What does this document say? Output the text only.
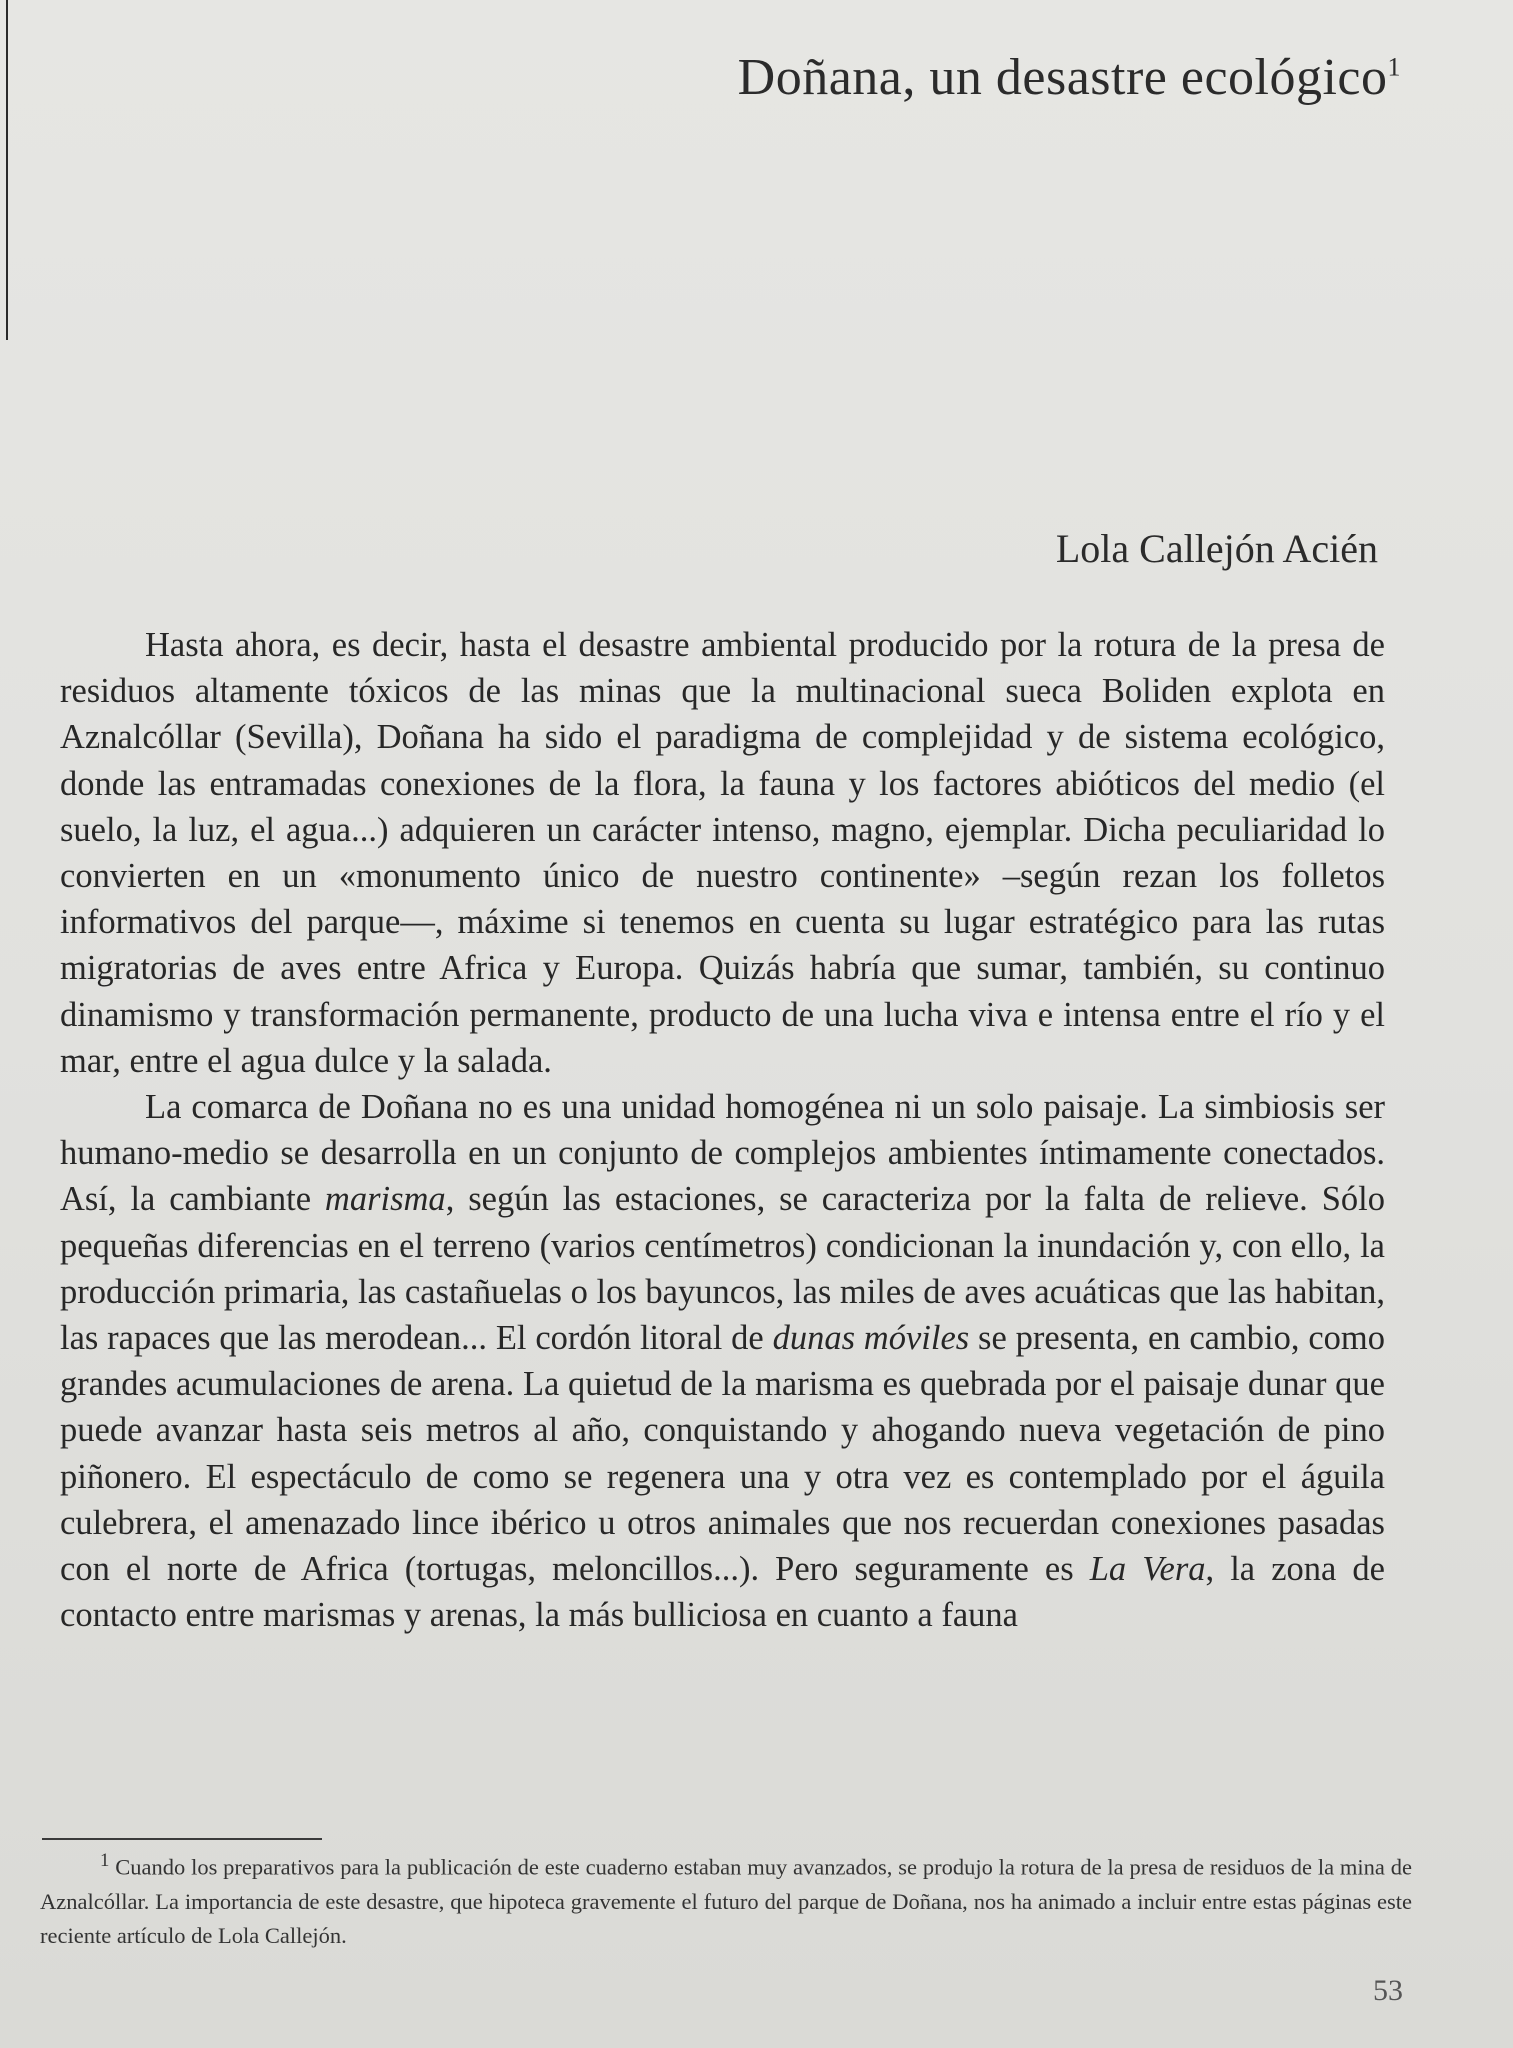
Doñana, un desastre ecológico$^1$
Lola Callejón Acién

Hasta ahora, es decir, hasta el desastre ambiental producido por la rotura de la presa de residuos altamente tóxicos de las minas que la multinacional sueca Boliden explota en Aznalcóllar (Sevilla), Doñana ha sido el paradigma de complejidad y de sistema ecológico, donde las entramadas conexiones de la flora, la fauna y los factores abióticos del medio (el suelo, la luz, el agua...) adquieren un carácter intenso, magno, ejemplar. Dicha peculiaridad lo convierten en un «monumento único de nuestro continente» –según rezan los folletos informativos del parque—, máxime si tenemos en cuenta su lugar estratégico para las rutas migratorias de aves entre Africa y Europa. Quizás habría que sumar, también, su continuo dinamismo y transformación permanente, producto de una lucha viva e intensa entre el río y el mar, entre el agua dulce y la salada.

La comarca de Doñana no es una unidad homogénea ni un solo paisaje. La simbiosis ser humano-medio se desarrolla en un conjunto de complejos ambientes íntimamente conectados. Así, la cambiante marisma, según las estaciones, se caracteriza por la falta de relieve. Sólo pequeñas diferencias en el terreno (varios centímetros) condicionan la inundación y, con ello, la producción primaria, las castañuelas o los bayuncos, las miles de aves acuáticas que las habitan, las rapaces que las merodean... El cordón litoral de dunas móviles se presenta, en cambio, como grandes acumulaciones de arena. La quietud de la marisma es quebrada por el paisaje dunar que puede avanzar hasta seis metros al año, conquistando y ahogando nueva vegetación de pino piñonero. El espectáculo de como se regenera una y otra vez es contemplado por el águila culebrera, el amenazado lince ibérico u otros animales que nos recuerdan conexiones pasadas con el norte de Africa (tortugas, meloncillos...). Pero seguramente es La Vera, la zona de contacto entre marismas y arenas, la más bulliciosa en cuanto a fauna

$^1$ Cuando los preparativos para la publicación de este cuaderno estaban muy avanzados, se produjo la rotura de la presa de residuos de la mina de Aznalcóllar. La importancia de este desastre, que hipoteca gravemente el futuro del parque de Doñana, nos ha animado a incluir entre estas páginas este reciente artículo de Lola Callejón.
53
